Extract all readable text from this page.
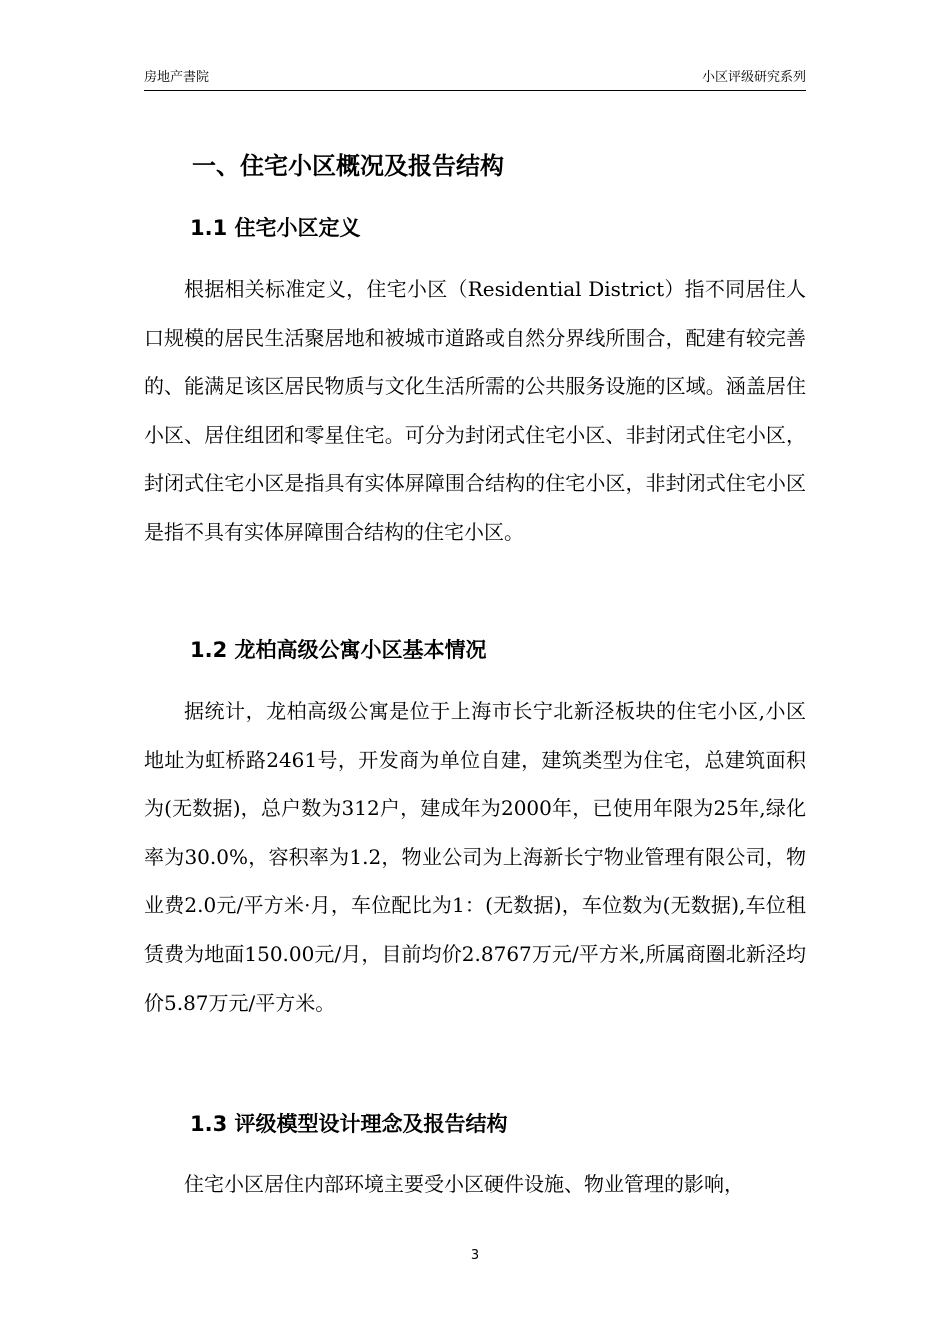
房地产書院	小区评级研究系列
一、住宅小区概况及报告结构
1.1 住宅小区定义

根据相关标准定义，住宅小区（Residential District）指不同居住人口规模的居民生活聚居地和被城市道路或自然分界线所围合，配建有较完善的、能满足该区居民物质与文化生活所需的公共服务设施的区域。涵盖居住小区、居住组团和零星住宅。可分为封闭式住宅小区、非封闭式住宅小区，封闭式住宅小区是指具有实体屏障围合结构的住宅小区，非封闭式住宅小区是指不具有实体屏障围合结构的住宅小区。

1.2 龙柏高级公寓小区基本情况

据统计，龙柏高级公寓是位于上海市长宁北新泾板块的住宅小区,小区地址为虹桥路2461号，开发商为单位自建，建筑类型为住宅，总建筑面积为(无数据)，总户数为312户，建成年为2000年，已使用年限为25年,绿化率为30.0%，容积率为1.2，物业公司为上海新长宁物业管理有限公司，物业费2.0元/平方米·月，车位配比为1：(无数据)，车位数为(无数据),车位租赁费为地面150.00元/月，目前均价2.8767万元/平方米,所属商圈北新泾均价5.87万元/平方米。

1.3 评级模型设计理念及报告结构

住宅小区居住内部环境主要受小区硬件设施、物业管理的影响，

3
